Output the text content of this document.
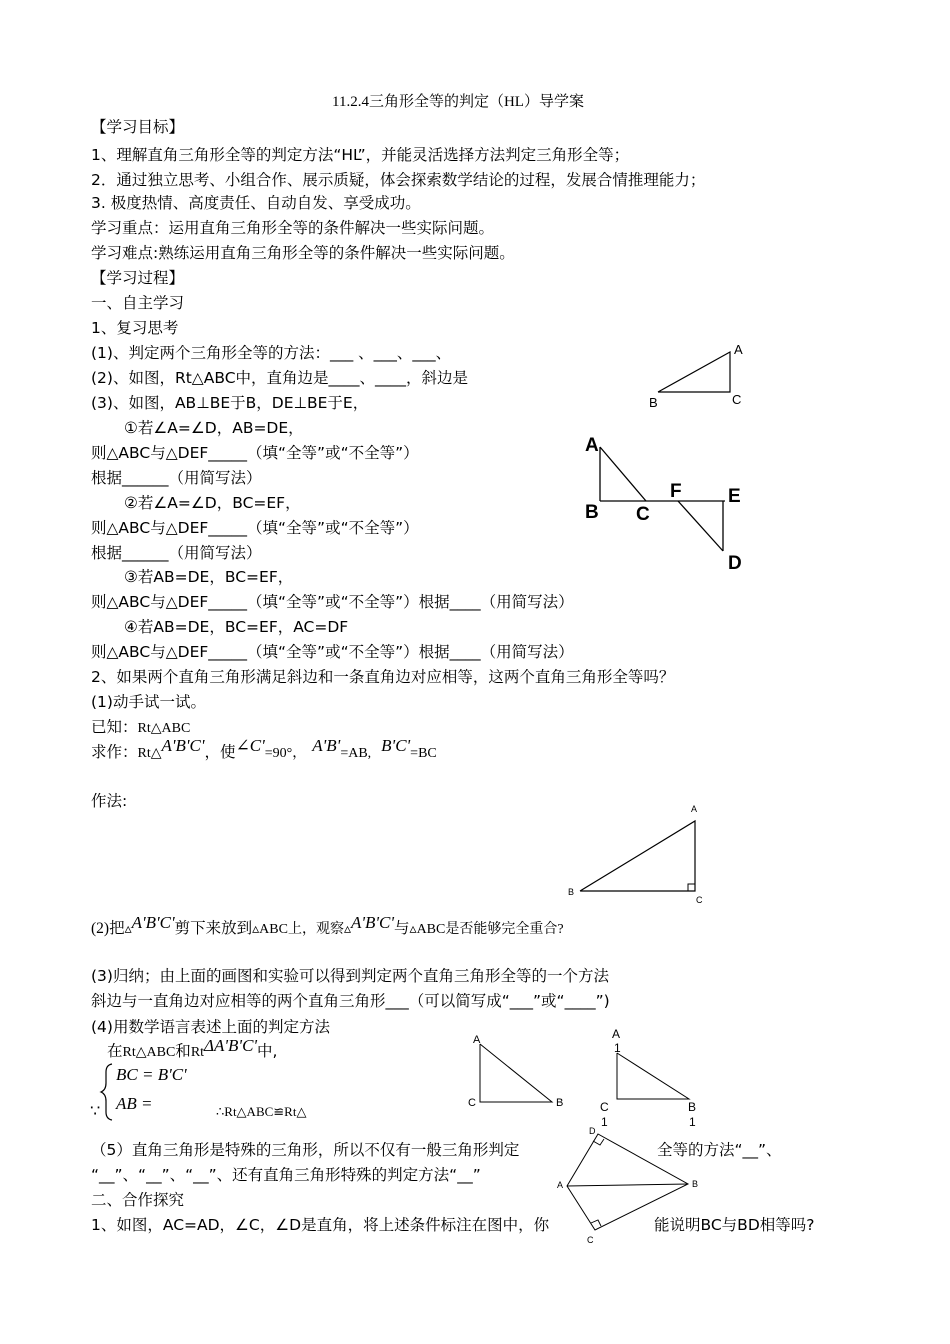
11.2.4三角形全等的判定（HL）导学案
【学习目标】
1、理解直角三角形全等的判定方法“HL”，并能灵活选择方法判定三角形全等；
2．通过独立思考、小组合作、展示质疑，体会探索数学结论的过程，发展合情推理能力；
3. 极度热情、高度责任、自动自发、享受成功。
学习重点：运用直角三角形全等的条件解决一些实际问题。
学习难点:熟练运用直角三角形全等的条件解决一些实际问题。
【学习过程】
一、自主学习
1、复习思考
(1)、判定两个三角形全等的方法：___ 、___、___、
(2)、如图，Rt△ABC中，直角边是____、____，斜边是
(3)、如图，AB⊥BE于B，DE⊥BE于E，
①若∠A=∠D，AB=DE，
则△ABC与△DEF_____（填“全等”或“不全等”）
根据______（用简写法）
②若∠A=∠D，BC=EF，
则△ABC与△DEF_____（填“全等”或“不全等”）
根据______（用简写法）
③若AB=DE，BC=EF，
则△ABC与△DEF_____（填“全等”或“不全等”）根据____（用简写法）
④若AB=DE，BC=EF，AC=DF
则△ABC与△DEF_____（填“全等”或“不全等”）根据____（用简写法）
2、如果两个直角三角形满足斜边和一条直角边对应相等，这两个直角三角形全等吗？
(1)动手试一试。
已知：Rt△ABC
求作：Rt△A'B'C'，使∠C'=90°， A'B'=AB, B'C'=BC
作法:
(2)把▵A'B'C'剪下来放到▵ABC上，观察▵A'B'C'与▵ABC是否能够完全重合?
(3)归纳；由上面的画图和实验可以得到判定两个直角三角形全等的一个方法
斜边与一直角边对应相等的两个直角三角形___（可以简写成“___”或“____”)
(4)用数学语言表述上面的判定方法
在Rt△ABC和RtΔA'B'C'中,
BC = B'C'
AB =
∵	∴Rt△ABC≌Rt△
（5）直角三角形是特殊的三角形，所以不仅有一般三角形判定	全等的方法“__”、
“__”、“__”、“__”、还有直角三角形特殊的判定方法“__”
二、合作探究
1、如图，AC=AD，∠C，∠D是直角，将上述条件标注在图中，你	能说明BC与BD相等吗?
A
B	C
A
B C
F E
D
A
B
C
A
C	B
A
1
C
1
B
1
D
A	B
C
